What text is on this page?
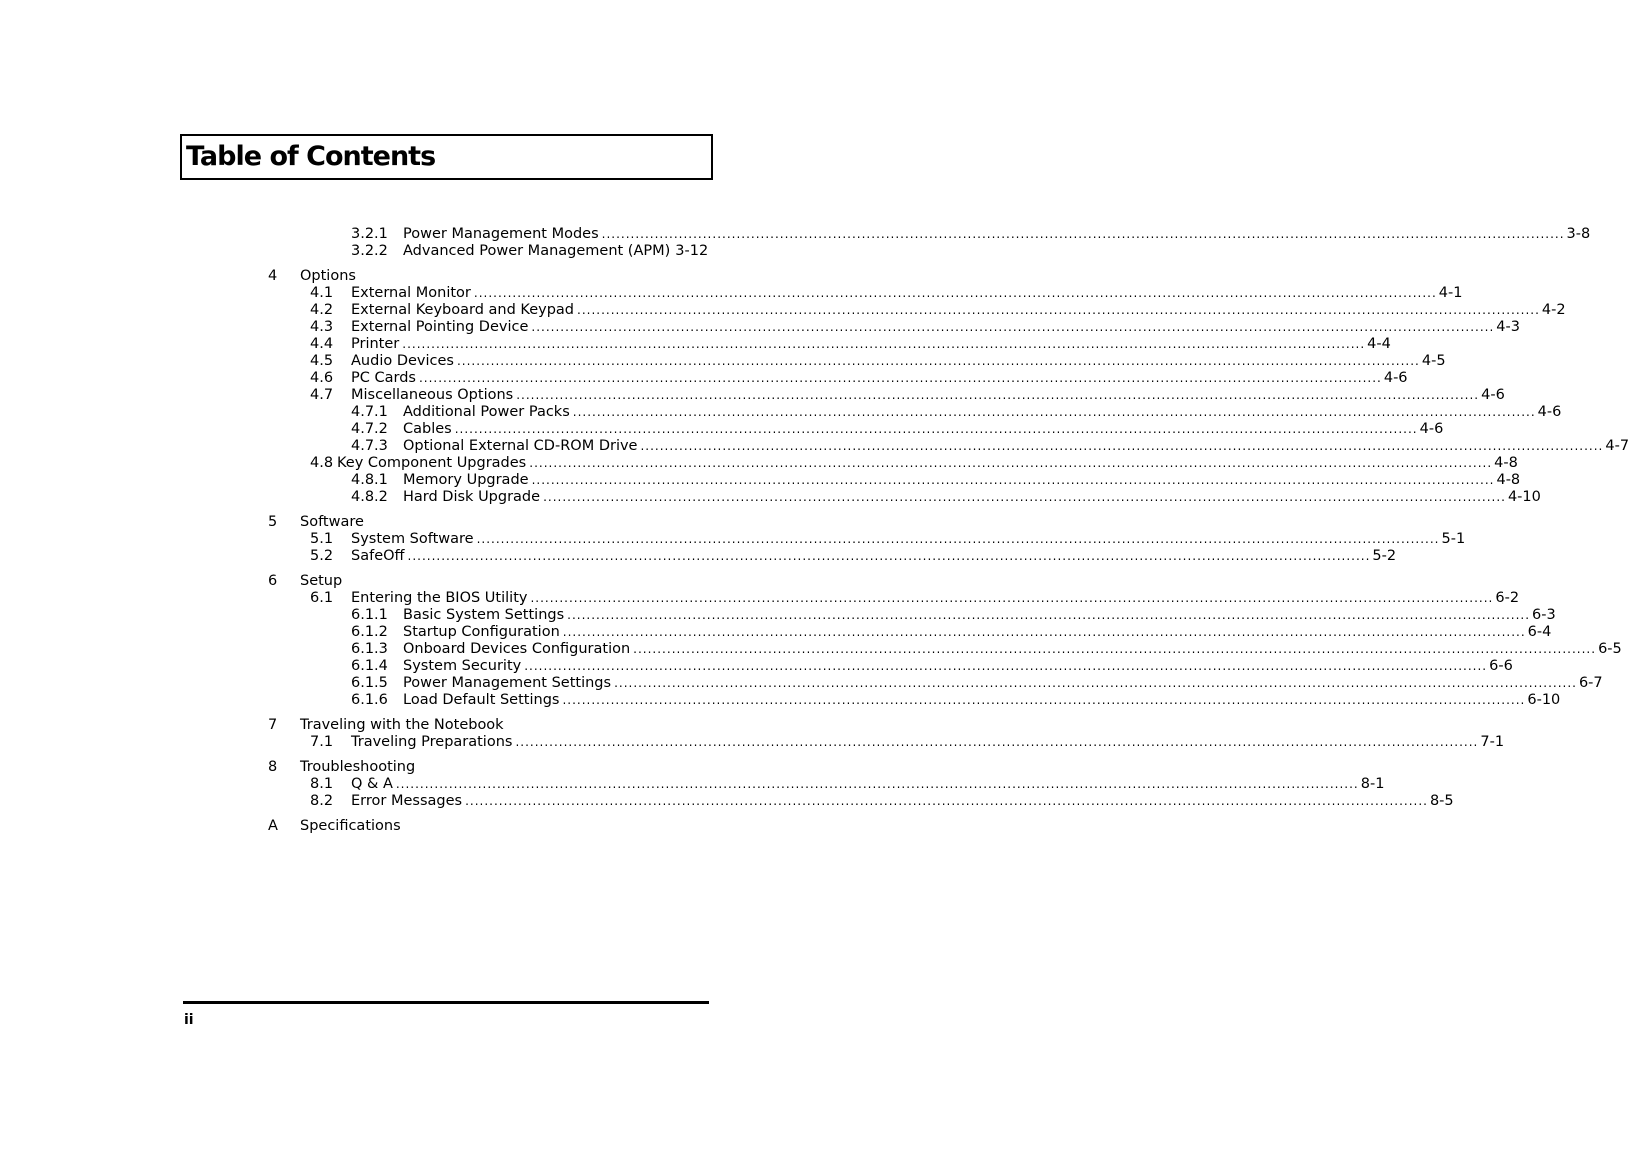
Table of Contents
3.2.1 Power Management Modes ........................................................................................................................................................................................................ 3-8
3.2.2 Advanced Power Management (APM) 3-12
4 Options
4.1 External Monitor ........................................................................................................................................................................................................ 4-1
4.2 External Keyboard and Keypad ........................................................................................................................................................................................................ 4-2
4.3 External Pointing Device ........................................................................................................................................................................................................ 4-3
4.4 Printer ........................................................................................................................................................................................................ 4-4
4.5 Audio Devices ........................................................................................................................................................................................................ 4-5
4.6 PC Cards ........................................................................................................................................................................................................ 4-6
4.7 Miscellaneous Options ........................................................................................................................................................................................................ 4-6
4.7.1 Additional Power Packs ........................................................................................................................................................................................................ 4-6
4.7.2 Cables ........................................................................................................................................................................................................ 4-6
4.7.3 Optional External CD-ROM Drive ........................................................................................................................................................................................................ 4-7
4.8 Key Component Upgrades ........................................................................................................................................................................................................ 4-8
4.8.1 Memory Upgrade ........................................................................................................................................................................................................ 4-8
4.8.2 Hard Disk Upgrade ........................................................................................................................................................................................................ 4-10
5 Software
5.1 System Software ........................................................................................................................................................................................................ 5-1
5.2 SafeOff ........................................................................................................................................................................................................ 5-2
6 Setup
6.1 Entering the BIOS Utility ........................................................................................................................................................................................................ 6-2
6.1.1 Basic System Settings ........................................................................................................................................................................................................ 6-3
6.1.2 Startup Configuration ........................................................................................................................................................................................................ 6-4
6.1.3 Onboard Devices Configuration ........................................................................................................................................................................................................ 6-5
6.1.4 System Security ........................................................................................................................................................................................................ 6-6
6.1.5 Power Management Settings ........................................................................................................................................................................................................ 6-7
6.1.6 Load Default Settings ........................................................................................................................................................................................................ 6-10
7 Traveling with the Notebook
7.1 Traveling Preparations ........................................................................................................................................................................................................ 7-1
8 Troubleshooting
8.1 Q & A ........................................................................................................................................................................................................ 8-1
8.2 Error Messages ........................................................................................................................................................................................................ 8-5
A Specifications
ii
